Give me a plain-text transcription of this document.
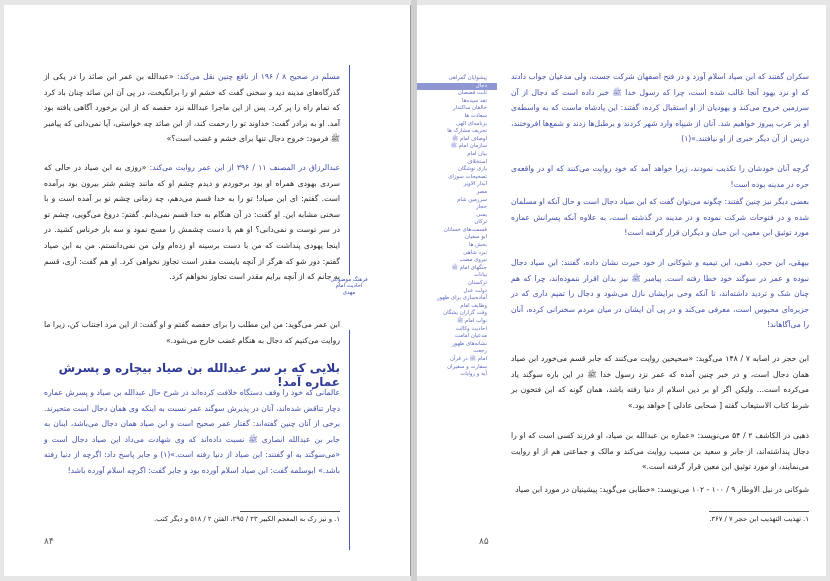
مسلم در صحیح ۸ / ۱۹۶ از نافع چنین نقل می‌کند: «عبدالله بن عمر ابن صائد را در یکی از گذرگاه‌های مدینه دید و سخنی گفت که خشم او را برانگیخت، در پی آن ابن صائد چنان باد کرد که تمام راه را پر کرد. پس از این ماجرا عبدالله نزد حفصه که از این برخورد آگاهی یافته بود آمد. او به برادر گفت: خداوند تو را رحمت کند، از ابن صائد چه خواستی، آیا نمی‌دانی که پیامبر ﷺ فرمود: خروج دجال تنها برای خشم و غضب است؟»
عبدالرزاق در المصنف ۱۱ / ۳۹۶ از ابن عمر روایت می‌کند: «روزی به ابن صیاد در حالی که سردی بهودی همراه او بود برخوردم و دیدم چشم او که مانند چشم شتر بیرون بود برآمده است. گفتم: ای ابن صیاد! تو را به خدا قسم می‌دهم، چه زمانی چشم تو بر آمده است و با سخنی مشابه این. او گفت: در آن هنگام به خدا قسم نمی‌دانم. گفتم: دروغ می‌گویی، چشم تو در سر توست و نمی‌دانی؟ او هم با دست چشمش را مسح نمود و سه بار خرناس کشید. در اینجا یهودی پنداشت که من با دست برسینه او زده‌ام ولی من نمی‌دانستم. من به ابن صیاد گفتم: دور شو که هرگز از آنچه بایست مقدر است تجاوز نخواهی کرد. او هم گفت: آری، قسم به جانم که از آنچه برایم مقدر است تجاوز نخواهم کرد.
ابن عمر می‌گوید: من این مطلب را برای حفصه گفتم و او گفت: از این مرد اجتناب کن، زیرا ما روایت می‌کنیم که دجال به هنگام غضب خارج می‌شود.»
بلایی که بر سر عبدالله بن صیاد بیچاره و پسرش عماره آمد!
عالمانی که خود را وقف دستگاه خلافت کرده‌اند در شرح حال عبدالله بن صیاد و پسرش عماره دچار تناقض شده‌اند، آنان در پذیرش سوگند عمر نسبت به اینکه وی همان دجال است متحیرند. برخی از آنان چنین گفته‌اند: گفتار عمر صحیح است و ابن صیاد همان دجال می‌باشد، اینان به جابر بن عبدالله انصاری ﷺ نسبت داده‌اند که وی شهادت می‌داد ابن صیاد دجال است و «می‌سوگند به او گفتند: ابن صیاد از دنیا رفته است.»(۱) و جابر پاسخ داد: اگرچه از دنیا رفته باشد.» ابوسلمه گفت: ابن صیاد اسلام آورده بود و جابر گفت: اگرچه اسلام آورده باشد!
۱. و نیز رک به المعجم الکبیر ۲۳ / ۲۹۵، الفتن ۲ / ۵۱۸ و دیگر کتب.
۸۴
فرهنگ موضوعی احادیث امام مهدی
پیشوایان گمراهی
دجال
ثابت قضصان
نقد سیده‌ها
خالقان ساکتدار
سعادت ها
برنامه‌ای الهی
تحریف مشارک ها
اوصاف امام ﷺ
سازمان امام ﷺ
بیان امام
استخلاف
یاری نوشگان
تصحیحات سوزای
ابدار الاویر
مصر
سرزمین شام
حجاز
یمنی
ترکان
قسمت‌های خسانان
ابو سفیان
بحش ها
نبرد شاهی
نیروی مضب
جنگهای امام ﷺ
بیانات
ترکستان
دولت عدل
آماده‌سازی برای ظهور
وظایف امام
وقت گزاران یشگان
نواب امام ﷺ
احادیث وکالت
مدعیان امامت
نشانه‌های ظهور
رجعت
امام ﷺ در قرآن
سفارت و سفیران
آیه و روایات
سکران گفتند که ابن صیاد اسلام آورد و در فتح اصفهان شرکت جست، ولی مدعیان جواب دادند که او نزد یهود آنجا غالب شده است، چرا که رسول خدا ﷺ خبر داده است که دجال از آن سرزمین خروج می‌کند و یهودیان از او استقبال کرده، گفتند: این پادشاه ماست که به واسطه‌ی او بر عرب پیروز خواهیم شد. آنان از شیپاه وارد شهر کردند و برطبل‌ها زدند و شمع‌ها افروختند، درپس از آن دیگر خبری از او نیافتند.»(۱)
گرچه آنان خودشان را تکذیب نمودند، زیرا خواهد آمد که خود روایت می‌کنند که او در واقعه‌ی حره در مدینه بوده است!
بعضی دیگر نیز چنین گفتند: چگونه می‌توان گفت که ابن صیاد دجال است و حال آنکه او مسلمان شده و در فتوحات شرکت نموده و در مدینه در گذشته است، به علاوه آنکه پسرانش عماره مورد توثیق ابن معین، ابن حبان و دیگران قرار گرفته است!
بیهقی، ابن حجر، ذهبی، ابن تیمیه و شوکانی از خود حیرت نشان داده، گفتند: ابن صیاد دجال نبوده و عمر در سوگند خود خطا رفته است. پیامبر ﷺ نیز بدان اقرار ننموده‌اند، چرا که هم چنان شک و تردید داشته‌اند، تا آنکه وحی برایشان نازل می‌شود و دجال را تمیم داری که در جزیره‌ای محبوس است، معرفی می‌کند و در پی آن ایشان در میان مردم سخنرانی کرده، آنان را می‌آگاهاند!
ابن حجر در اصابه ۷ / ۱۴۸ می‌گوید: «صحیحین روایت می‌کنند که جابر قسم می‌خورد ابن صیاد همان دجال است، و در خبر چنین آمده که عمر نزد رسول خدا ﷺ در این باره سوگند یاد می‌کرده است... ولیکن اگر او بر دین اسلام از دنیا رفته باشد، همان گونه که ابن فتحون بر شرط کتاب الاستیعاب گفته [ صحابی عادلی ] خواهد بود.»
ذهبی در الکاشف ۲ / ۵۴ می‌نویسد: «عماره بن عبدالله بن صیاد، او فرزند کسی است که او را دجال پنداشته‌اند، از جابر و سعید بن مسیب روایت می‌کند و مالک و جماعتی هم از او روایت می‌نمایند، او مورد توثیق ابن معین قرار گرفته است.»
شوکانی در نیل الاوطار ۹ / ۱۰۰ - ۱۰۲ می‌نویسد: «خطابی می‌گوید: پیشینیان در مورد ابن صیاد
۱. تهذیب التهذیب ابن حجر ۷ / ۳۶۷.
۸۵
